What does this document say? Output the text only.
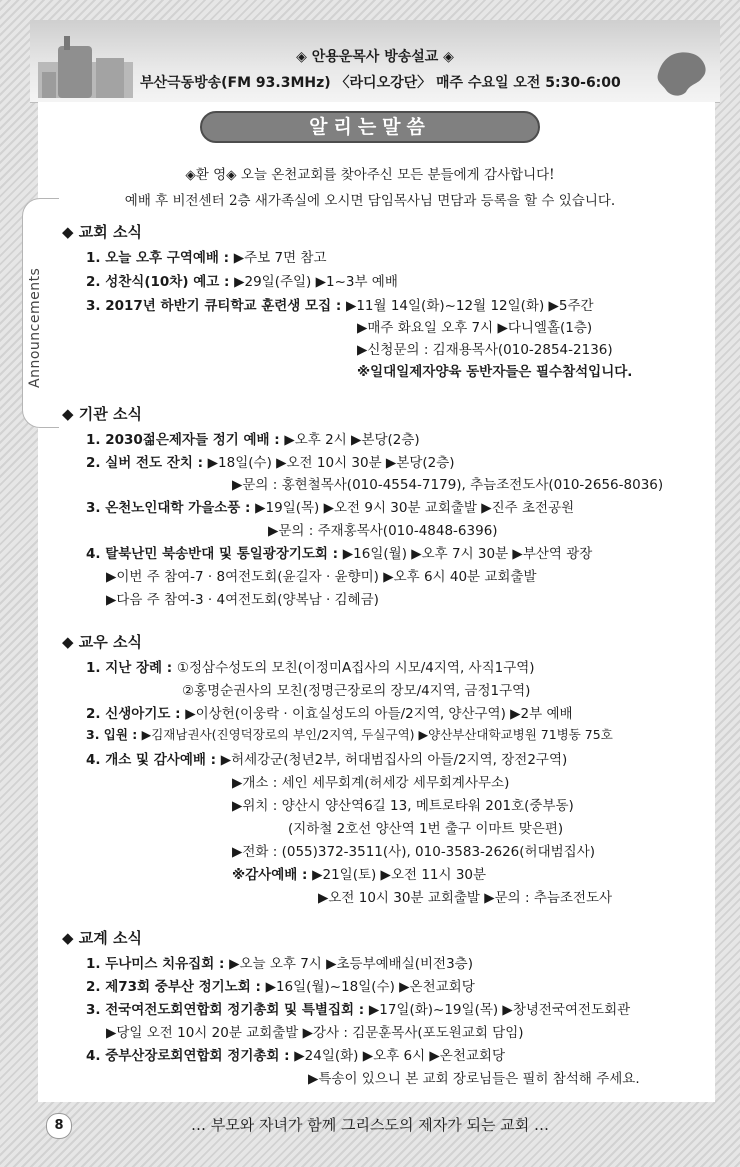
◈ 안용운목사 방송설교 ◈
부산극동방송(FM 93.3MHz) 〈라디오강단〉 매주 수요일 오전 5:30-6:00
Announcements
알리는말씀
◈환 영◈ 오늘 온천교회를 찾아주신 모든 분들에게 감사합니다!
예배 후 비전센터 2층 새가족실에 오시면 담임목사님 면담과 등록을 할 수 있습니다.
◆ 교회 소식
1. 오늘 오후 구역예배 : ▶주보 7면 참고
2. 성찬식(10차) 예고 : ▶29일(주일) ▶1~3부 예배
3. 2017년 하반기 큐티학교 훈련생 모집 : ▶11월 14일(화)~12월 12일(화) ▶5주간
▶매주 화요일 오후 7시 ▶다니엘홀(1층)
▶신청문의 : 김재용목사(010-2854-2136)
※일대일제자양육 동반자들은 필수참석입니다.
◆ 기관 소식
1. 2030젊은제자들 정기 예배 : ▶오후 2시 ▶본당(2층)
2. 실버 전도 잔치 : ▶18일(수) ▶오전 10시 30분 ▶본당(2층)
▶문의 : 홍현철목사(010-4554-7179), 추늠조전도사(010-2656-8036)
3. 온천노인대학 가을소풍 : ▶19일(목) ▶오전 9시 30분 교회출발 ▶진주 초전공원
▶문의 : 주재홍목사(010-4848-6396)
4. 탈북난민 북송반대 및 통일광장기도회 : ▶16일(월) ▶오후 7시 30분 ▶부산역 광장
▶이번 주 참여-7 · 8여전도회(윤길자 · 윤향미) ▶오후 6시 40분 교회출발
▶다음 주 참여-3 · 4여전도회(양복남 · 김혜금)
◆ 교우 소식
1. 지난 장례 : ①정삼수성도의 모친(이정미A집사의 시모/4지역, 사직1구역)
②홍명순권사의 모친(정명근장로의 장모/4지역, 금정1구역)
2. 신생아기도 : ▶이상헌(이웅락 · 이효실성도의 아들/2지역, 양산구역) ▶2부 예배
3. 입원 : ▶김재남권사(진영덕장로의 부인/2지역, 두실구역) ▶양산부산대학교병원 71병동 75호
4. 개소 및 감사예배 : ▶허세강군(청년2부, 허대범집사의 아들/2지역, 장전2구역)
▶개소 : 세인 세무회계(허세강 세무회계사무소)
▶위치 : 양산시 양산역6길 13, 메트로타워 201호(중부동)
(지하철 2호선 양산역 1번 출구 이마트 맞은편)
▶전화 : (055)372-3511(사), 010-3583-2626(허대범집사)
※감사예배 : ▶21일(토) ▶오전 11시 30분
▶오전 10시 30분 교회출발 ▶문의 : 추늠조전도사
◆ 교계 소식
1. 두나미스 치유집회 : ▶오늘 오후 7시 ▶초등부예배실(비전3층)
2. 제73회 중부산 정기노회 : ▶16일(월)~18일(수) ▶온천교회당
3. 전국여전도회연합회 정기총회 및 특별집회 : ▶17일(화)~19일(목) ▶창녕전국여전도회관
▶당일 오전 10시 20분 교회출발 ▶강사 : 김문훈목사(포도원교회 담임)
4. 중부산장로회연합회 정기총회 : ▶24일(화) ▶오후 6시 ▶온천교회당
▶특송이 있으니 본 교회 장로님들은 필히 참석해 주세요.
8	… 부모와 자녀가 함께 그리스도의 제자가 되는 교회 …
